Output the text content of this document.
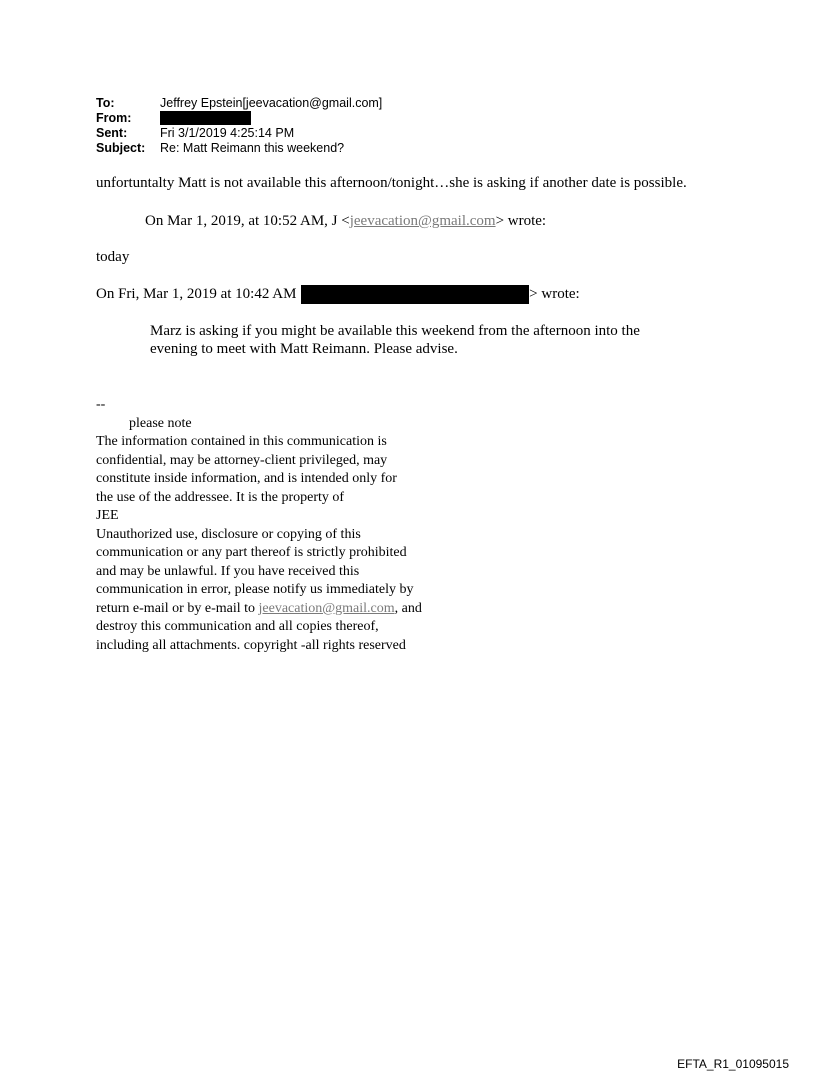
To:	Jeffrey Epstein[jeevacation@gmail.com]
From:
Sent:	Fri 3/1/2019 4:25:14 PM
Subject:	Re: Matt Reimann this weekend?
unfortuntalty Matt is not available this afternoon/tonight…she is asking if another date is possible.
On Mar 1, 2019, at 10:52 AM, J <jeevacation@gmail.com> wrote:
today
On Fri, Mar 1, 2019 at 10:42 AM	> wrote:
Marz is asking if you might be available this weekend from the afternoon into the
evening to meet with Matt Reimann. Please advise.
--
please note
The information contained in this communication is
confidential, may be attorney-client privileged, may
constitute inside information, and is intended only for
the use of the addressee. It is the property of
JEE
Unauthorized use, disclosure or copying of this
communication or any part thereof is strictly prohibited
and may be unlawful. If you have received this
communication in error, please notify us immediately by
return e-mail or by e-mail to jeevacation@gmail.com, and
destroy this communication and all copies thereof,
including all attachments. copyright -all rights reserved
EFTA_R1_01095015
